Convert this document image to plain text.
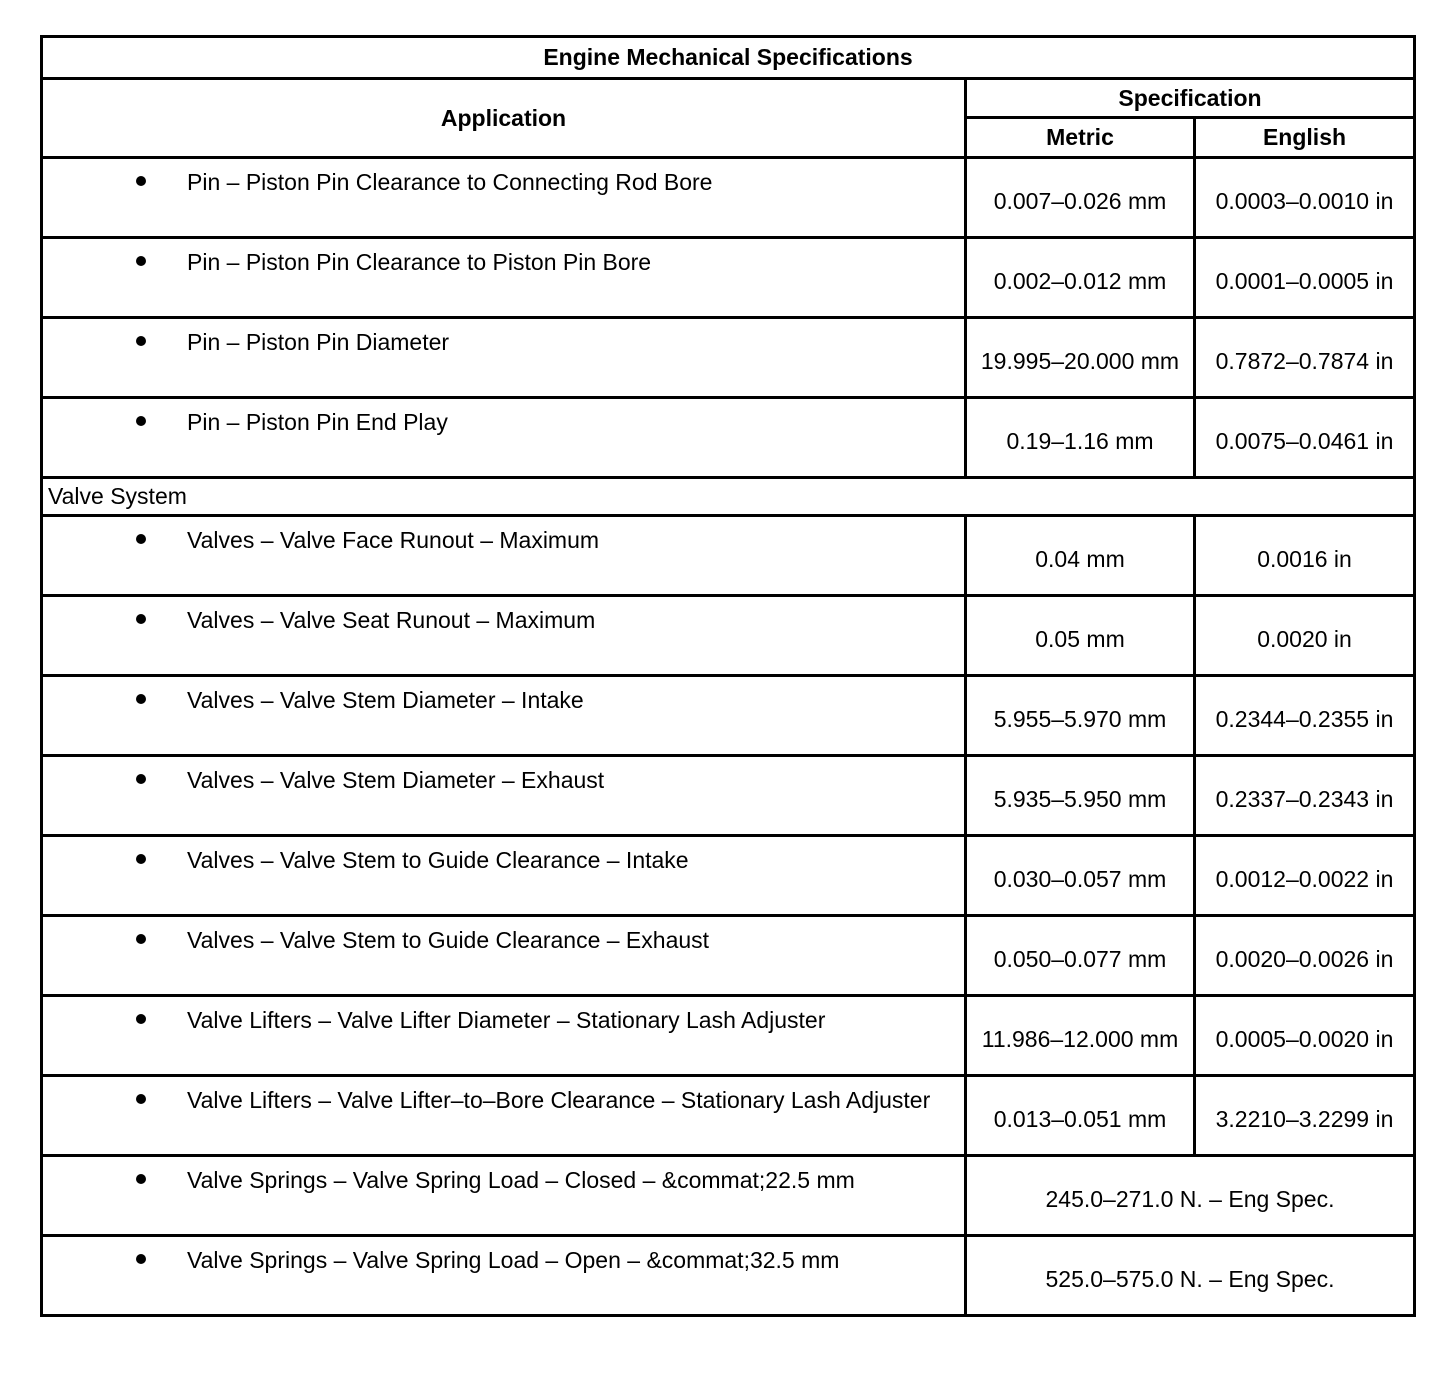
Engine Mechanical Specifications		
Application	Specification	
	Metric	English
Pin – Piston Pin Clearance to Connecting Rod Bore	0.007–0.026 mm	0.0003–0.0010 in
Pin – Piston Pin Clearance to Piston Pin Bore	0.002–0.012 mm	0.0001–0.0005 in
Pin – Piston Pin Diameter	19.995–20.000 mm	0.7872–0.7874 in
Pin – Piston Pin End Play	0.19–1.16 mm	0.0075–0.0461 in
Valve System		
Valves – Valve Face Runout – Maximum	0.04 mm	0.0016 in
Valves – Valve Seat Runout – Maximum	0.05 mm	0.0020 in
Valves – Valve Stem Diameter – Intake	5.955–5.970 mm	0.2344–0.2355 in
Valves – Valve Stem Diameter – Exhaust	5.935–5.950 mm	0.2337–0.2343 in
Valves – Valve Stem to Guide Clearance – Intake	0.030–0.057 mm	0.0012–0.0022 in
Valves – Valve Stem to Guide Clearance – Exhaust	0.050–0.077 mm	0.0020–0.0026 in
Valve Lifters – Valve Lifter Diameter – Stationary Lash Adjuster	11.986–12.000 mm	0.0005–0.0020 in
Valve Lifters – Valve Lifter–to–Bore Clearance – Stationary Lash Adjuster	0.013–0.051 mm	3.2210–3.2299 in
Valve Springs – Valve Spring Load – Closed – &commat;22.5 mm	245.0–271.0 N. – Eng Spec.	
Valve Springs – Valve Spring Load – Open – &commat;32.5 mm	525.0–575.0 N. – Eng Spec.	
